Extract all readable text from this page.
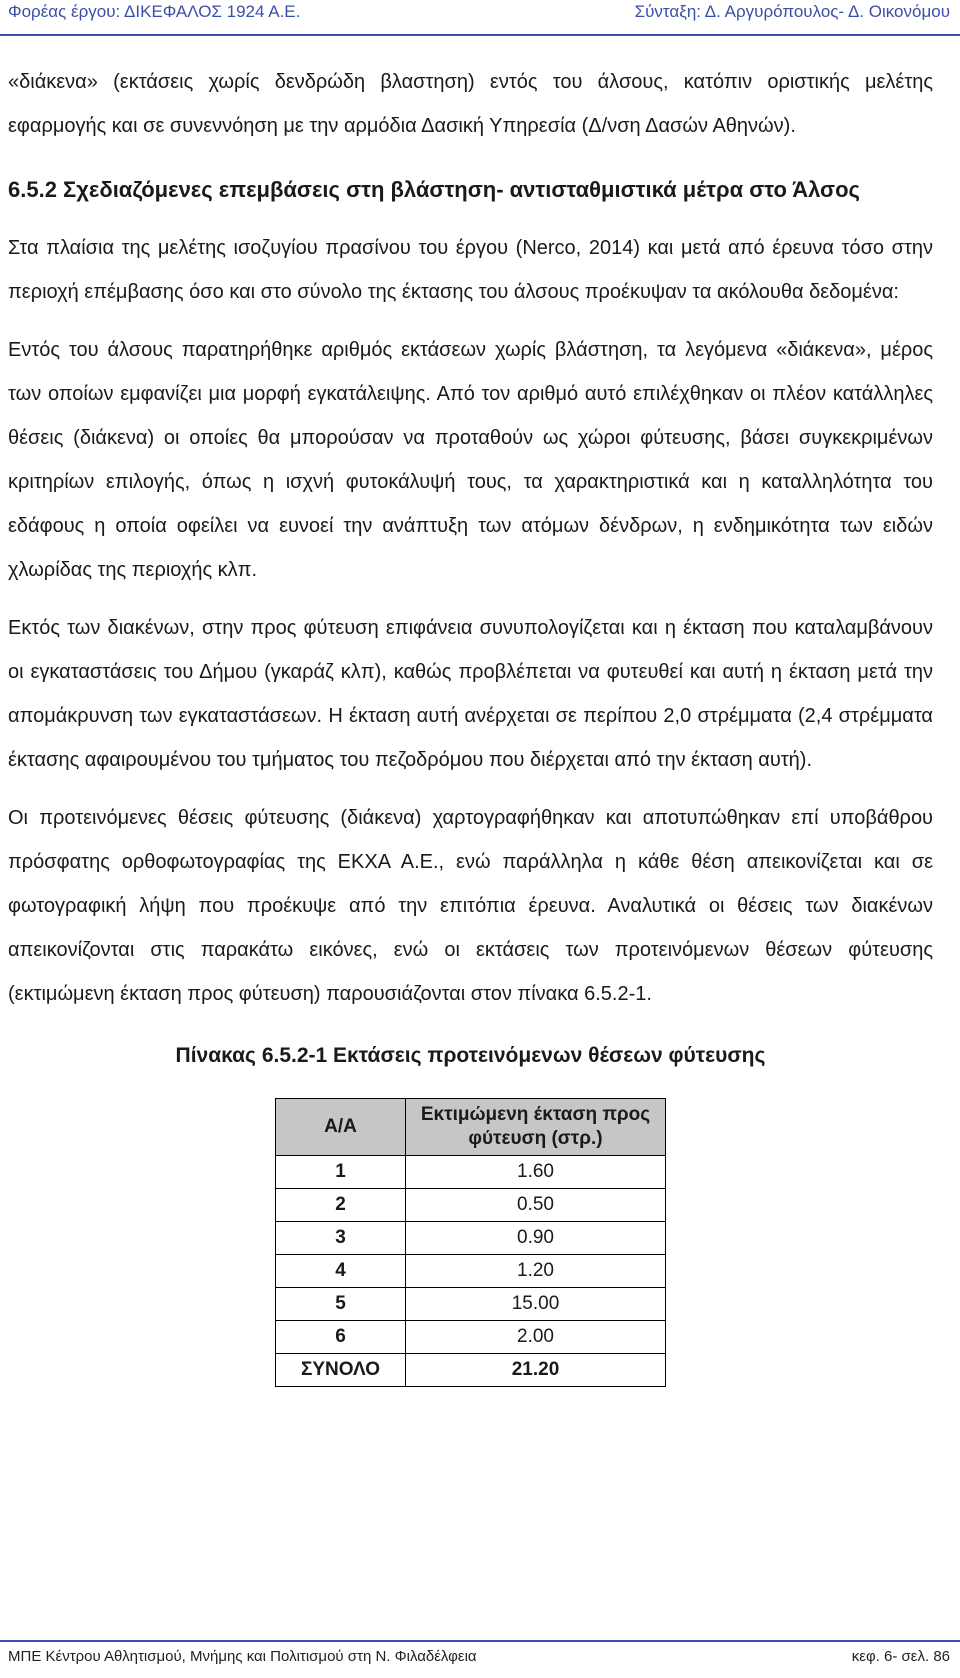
Φορέας έργου: ΔΙΚΕΦΑΛΟΣ 1924 Α.Ε.	Σύνταξη: Δ. Αργυρόπουλος- Δ. Οικονόμου

«διάκενα» (εκτάσεις χωρίς δενδρώδη βλαστηση) εντός του άλσους, κατόπιν οριστικής μελέτης εφαρμογής και σε συνεννόηση με την αρμόδια Δασική Υπηρεσία (Δ/νση Δασών Αθηνών).

6.5.2 Σχεδιαζόμενες επεμβάσεις στη βλάστηση- αντισταθμιστικά μέτρα στο Άλσος

Στα πλαίσια της μελέτης ισοζυγίου πρασίνου του έργου (Nerco, 2014) και μετά από έρευνα τόσο στην περιοχή επέμβασης όσο και στο σύνολο της έκτασης του άλσους προέκυψαν τα ακόλουθα δεδομένα:

Εντός του άλσους παρατηρήθηκε αριθμός εκτάσεων χωρίς βλάστηση, τα λεγόμενα «διάκενα», μέρος των οποίων εμφανίζει μια μορφή εγκατάλειψης. Από τον αριθμό αυτό επιλέχθηκαν οι πλέον κατάλληλες θέσεις (διάκενα) οι οποίες θα μπορούσαν να προταθούν ως χώροι φύτευσης, βάσει συγκεκριμένων κριτηρίων επιλογής, όπως η ισχνή φυτοκάλυψή τους, τα χαρακτηριστικά και η καταλληλότητα του εδάφους η οποία οφείλει να ευνοεί την ανάπτυξη των ατόμων δένδρων, η ενδημικότητα των ειδών χλωρίδας της περιοχής κλπ.

Εκτός των διακένων, στην προς φύτευση επιφάνεια συνυπολογίζεται και η έκταση που καταλαμβάνουν οι εγκαταστάσεις του Δήμου (γκαράζ κλπ), καθώς προβλέπεται να φυτευθεί και αυτή η έκταση μετά την απομάκρυνση των εγκαταστάσεων. Η έκταση αυτή ανέρχεται σε περίπου 2,0 στρέμματα (2,4 στρέμματα έκτασης αφαιρουμένου του τμήματος του πεζοδρόμου που διέρχεται από την έκταση αυτή).

Οι προτεινόμενες θέσεις φύτευσης (διάκενα) χαρτογραφήθηκαν και αποτυπώθηκαν επί υποβάθρου πρόσφατης ορθοφωτογραφίας της ΕΚΧΑ Α.Ε., ενώ παράλληλα η κάθε θέση απεικονίζεται και σε φωτογραφική λήψη που προέκυψε από την επιτόπια έρευνα. Αναλυτικά οι θέσεις των διακένων απεικονίζονται στις παρακάτω εικόνες, ενώ οι εκτάσεις των προτεινόμενων θέσεων φύτευσης (εκτιμώμενη έκταση προς φύτευση) παρουσιάζονται στον πίνακα 6.5.2-1.

Πίνακας 6.5.2-1 Εκτάσεις προτεινόμενων θέσεων φύτευσης
Α/Α	Εκτιμώμενη έκταση προς φύτευση (στρ.)
1	1.60
2	0.50
3	0.90
4	1.20
5	15.00
6	2.00
ΣΥΝΟΛΟ	21.20
ΜΠΕ Κέντρου Αθλητισμού, Μνήμης και Πολιτισμού στη Ν. Φιλαδέλφεια	κεφ. 6- σελ. 86
